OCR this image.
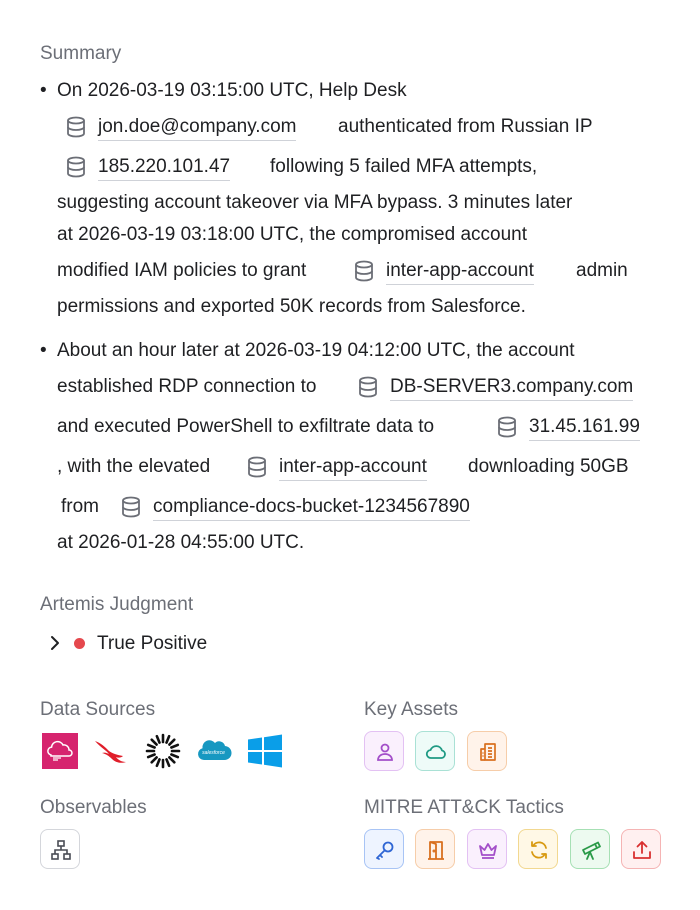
Summary
• On 2026-03-19 03:15:00 UTC, Help Desk
jon.doe@company.com authenticated from Russian IP
185.220.101.47 following 5 failed MFA attempts,
suggesting account takeover via MFA bypass. 3 minutes later
at 2026-03-19 03:18:00 UTC, the compromised account
modified IAM policies to grant	inter-app-account admin
permissions and exported 50K records from Salesforce.
• About an hour later at 2026-03-19 04:12:00 UTC, the account
established RDP connection to	DB-SERVER3.company.com
and executed PowerShell to exfiltrate data to	31.45.161.99
, with the elevated	inter-app-account downloading 50GB
from	compliance-docs-bucket-1234567890
at 2026-01-28 04:55:00 UTC.
Artemis Judgment
True Positive
Data Sources
salesforce
Key Assets
Observables	MITRE ATT&CK Tactics
